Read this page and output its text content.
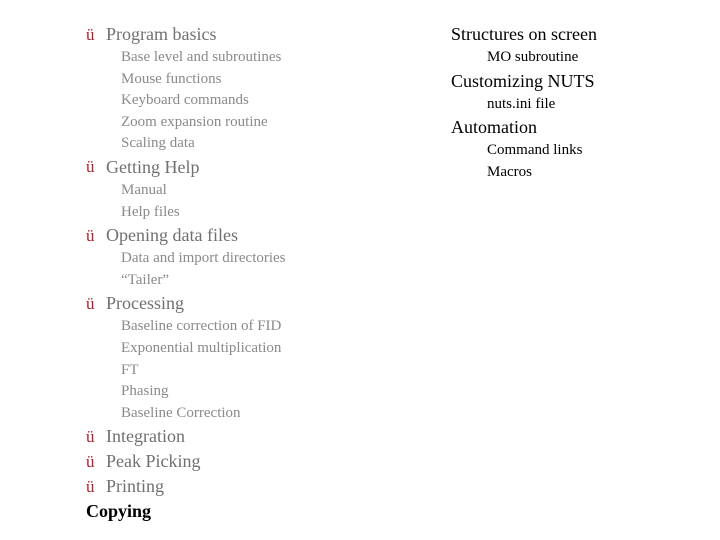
ü Program basics
Base level and subroutines
Mouse functions
Keyboard commands
Zoom expansion routine
Scaling data
ü Getting Help
Manual
Help files
ü Opening data files
Data and import directories
“Tailer”
ü Processing
Baseline correction of FID
Exponential multiplication
FT
Phasing
Baseline Correction
ü Integration
ü Peak Picking
ü Printing
Copying
Structures on screen
MO subroutine
Customizing NUTS
nuts.ini file
Automation
Command links
Macros
